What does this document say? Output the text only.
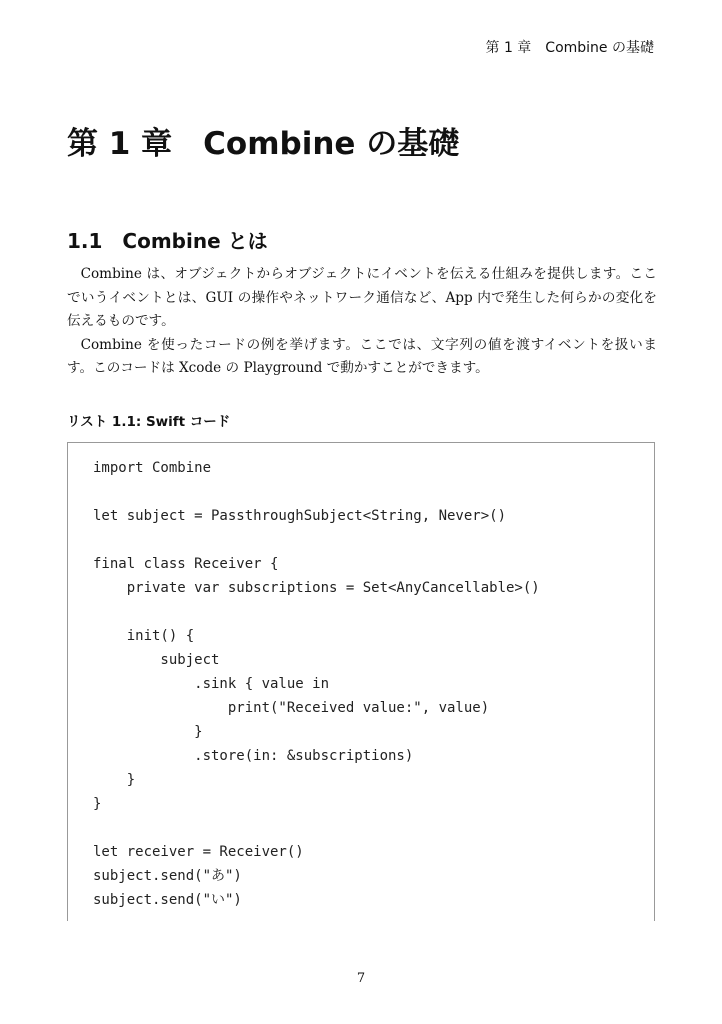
第 1 章　Combine の基礎
第 1 章　Combine の基礎
1.1　Combine とは

Combine は、オブジェクトからオブジェクトにイベントを伝える仕組みを提供します。ここでいうイベントとは、GUI の操作やネットワーク通信など、App 内で発生した何らかの変化を伝えるものです。

Combine を使ったコードの例を挙げます。ここでは、文字列の値を渡すイベントを扱います。このコードは Xcode の Playground で動かすことができます。

リスト 1.1: Swift コード
import Combine
let subject = PassthroughSubject<String, Never>()
final class Receiver {
private var subscriptions = Set<AnyCancellable>()
init() {
subject
.sink { value in
print("Received value:", value)
}
.store(in: &subscriptions)
}
}
let receiver = Receiver()
subject.send("あ")
subject.send("い")
7
